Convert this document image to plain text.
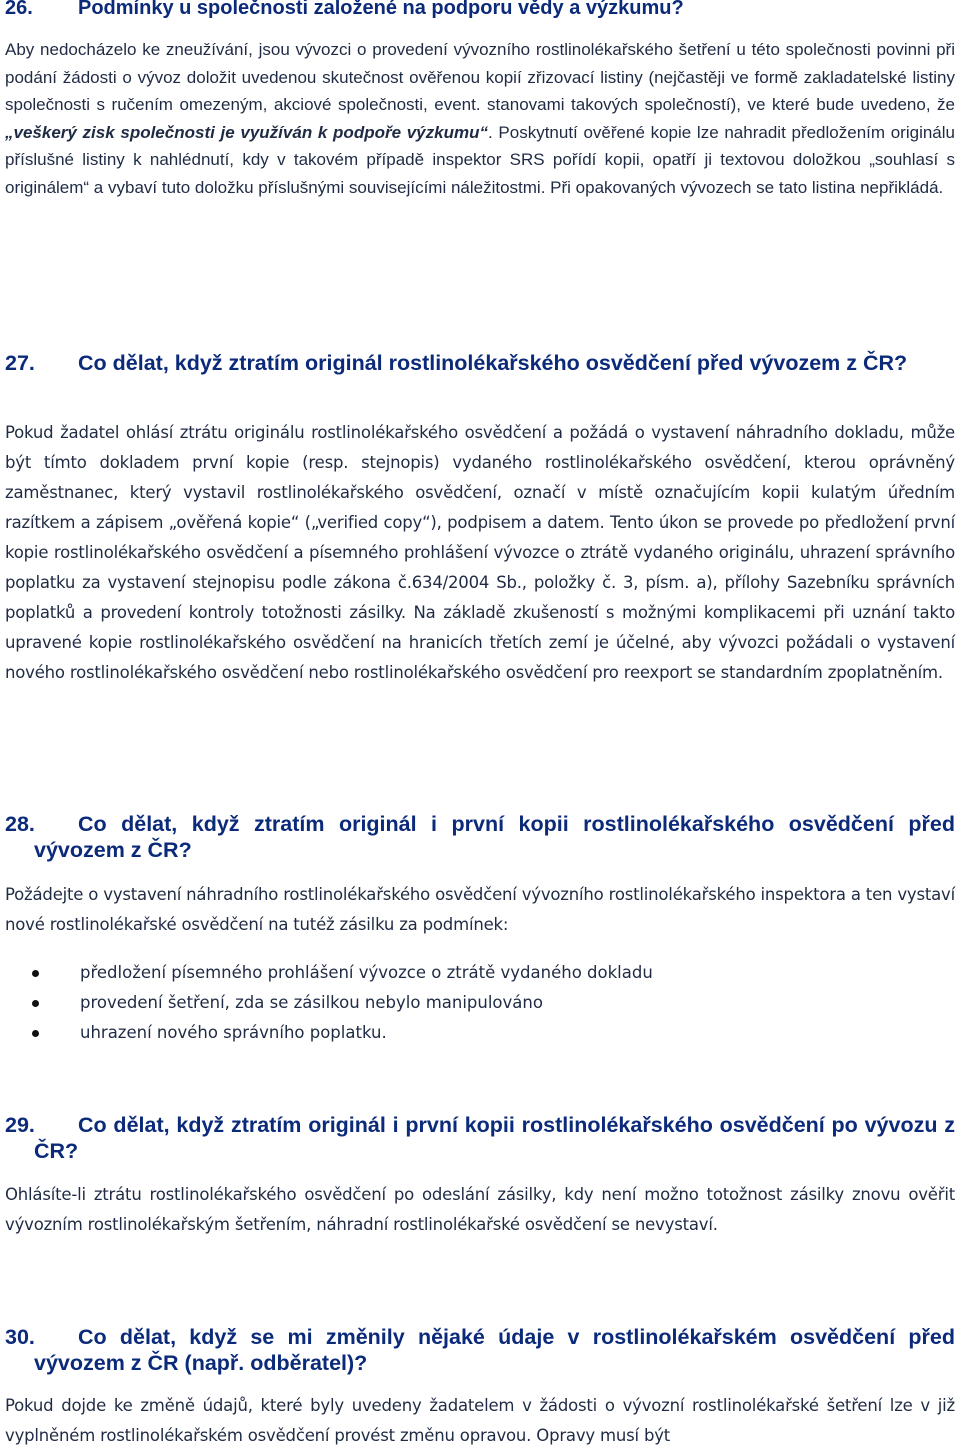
26.	Podmínky u společnosti založené na podporu vědy a výzkumu?
Aby nedocházelo ke zneužívání, jsou vývozci o provedení vývozního rostlinolékařského šetření u této společnosti povinni při podání žádosti o vývoz doložit uvedenou skutečnost ověřenou kopií zřizovací listiny (nejčastěji ve formě zakladatelské listiny společnosti s ručením omezeným, akciové společnosti, event. stanovami takových společností), ve které bude uvedeno, že „veškerý zisk společnosti je využíván k podpoře výzkumu“. Poskytnutí ověřené kopie lze nahradit předložením originálu příslušné listiny k nahlédnutí, kdy v takovém případě inspektor SRS pořídí kopii, opatří ji textovou doložkou „souhlasí s originálem“ a vybaví tuto doložku příslušnými souvisejícími náležitostmi. Při opakovaných vývozech se tato listina nepřikládá.
27. Co dělat, když ztratím originál rostlinolékařského osvědčení před vývozem z ČR?
Pokud žadatel ohlásí ztrátu originálu rostlinolékařského osvědčení a požádá o vystavení náhradního dokladu, může být tímto dokladem první kopie (resp. stejnopis) vydaného rostlinolékařského osvědčení, kterou oprávněný zaměstnanec, který vystavil rostlinolékařského osvědčení, označí v místě označujícím kopii kulatým úředním razítkem a zápisem „ověřená kopie“ („verified copy“), podpisem a datem. Tento úkon se provede po předložení první kopie rostlinolékařského osvědčení a písemného prohlášení vývozce o ztrátě vydaného originálu, uhrazení správního poplatku za vystavení stejnopisu podle zákona č.634/2004 Sb., položky č. 3, písm. a), přílohy Sazebníku správních poplatků a provedení kontroly totožnosti zásilky. Na základě zkušeností s možnými komplikacemi při uznání takto upravené kopie rostlinolékařského osvědčení na hranicích třetích zemí je účelné, aby vývozci požádali o vystavení nového rostlinolékařského osvědčení nebo rostlinolékařského osvědčení pro reexport se standardním zpoplatněním.
28. Co dělat, když ztratím originál i první kopii rostlinolékařského osvědčení před vývozem z ČR?
Požádejte o vystavení náhradního rostlinolékařského osvědčení vývozního rostlinolékařského inspektora a ten vystaví nové rostlinolékařské osvědčení na tutéž zásilku za podmínek:
předložení písemného prohlášení vývozce o ztrátě vydaného dokladu
provedení šetření, zda se zásilkou nebylo manipulováno
uhrazení nového správního poplatku.
29. Co dělat, když ztratím originál i první kopii rostlinolékařského osvědčení po vývozu z ČR?
Ohlásíte-li ztrátu rostlinolékařského osvědčení po odeslání zásilky, kdy není možno totožnost zásilky znovu ověřit vývozním rostlinolékařským šetřením, náhradní rostlinolékařské osvědčení se nevystaví.
30. Co dělat, když se mi změnily nějaké údaje v rostlinolékařském osvědčení před vývozem z ČR (např. odběratel)?
Pokud dojde ke změně údajů, které byly uvedeny žadatelem v žádosti o vývozní rostlinolékařské šetření lze v již vyplněném rostlinolékařském osvědčení provést změnu opravou. Opravy musí být
